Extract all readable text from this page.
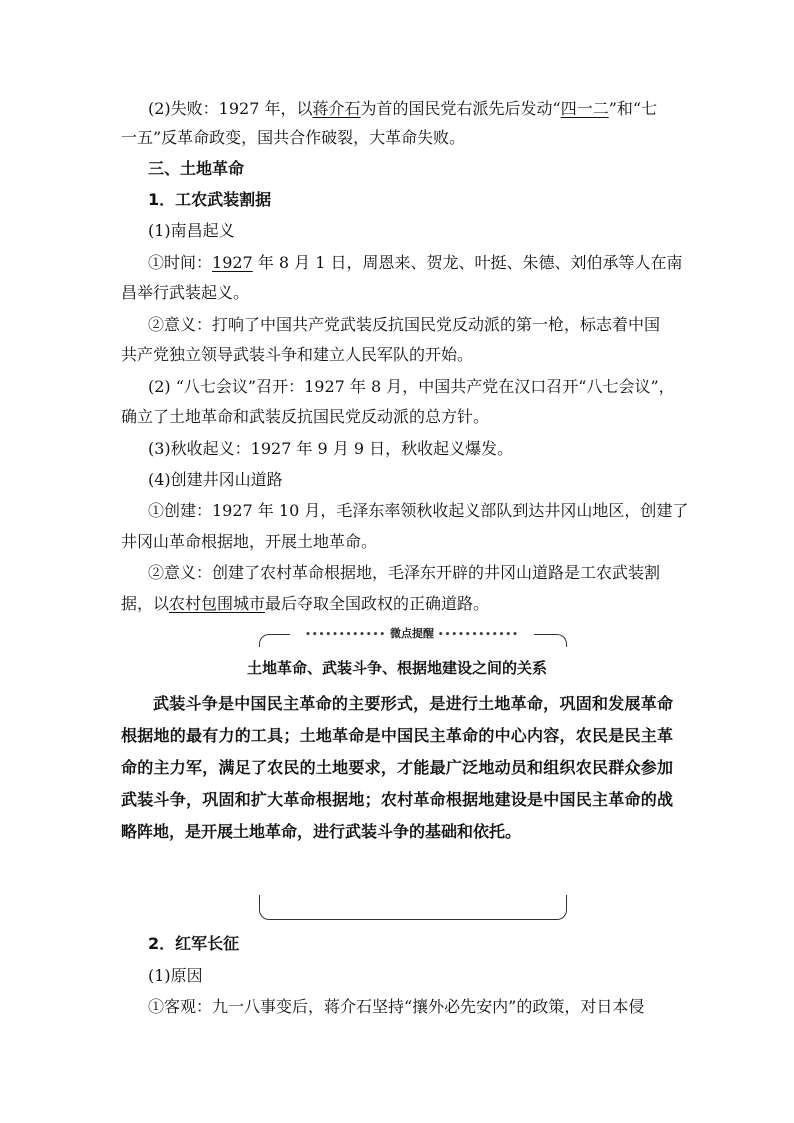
(2)失败：1927 年，以蒋介石为首的国民党右派先后发动“四一二”和“七
一五”反革命政变，国共合作破裂，大革命失败。
三、土地革命
1．工农武装割据
(1)南昌起义
①时间：1927 年 8 月 1 日，周恩来、贺龙、叶挺、朱德、刘伯承等人在南
昌举行武装起义。
②意义：打响了中国共产党武装反抗国民党反动派的第一枪，标志着中国
共产党独立领导武装斗争和建立人民军队的开始。
(2) “八七会议”召开：1927 年 8 月，中国共产党在汉口召开“八七会议”，
确立了土地革命和武装反抗国民党反动派的总方针。
(3)秋收起义：1927 年 9 月 9 日，秋收起义爆发。
(4)创建井冈山道路
①创建：1927 年 10 月，毛泽东率领秋收起义部队到达井冈山地区，创建了
井冈山革命根据地，开展土地革命。
②意义：创建了农村革命根据地，毛泽东开辟的井冈山道路是工农武装割
据，以农村包围城市最后夺取全国政权的正确道路。
•••••••••••• 微点提醒 ••••••••••••
土地革命、武装斗争、根据地建设之间的关系
武装斗争是中国民主革命的主要形式，是进行土地革命，巩固和发展革命根据地的最有力的工具；土地革命是中国民主革命的中心内容，农民是民主革命的主力军，满足了农民的土地要求，才能最广泛地动员和组织农民群众参加武装斗争，巩固和扩大革命根据地；农村革命根据地建设是中国民主革命的战略阵地，是开展土地革命，进行武装斗争的基础和依托。
2．红军长征
(1)原因
①客观：九一八事变后，蒋介石坚持“攘外必先安内”的政策，对日本侵
